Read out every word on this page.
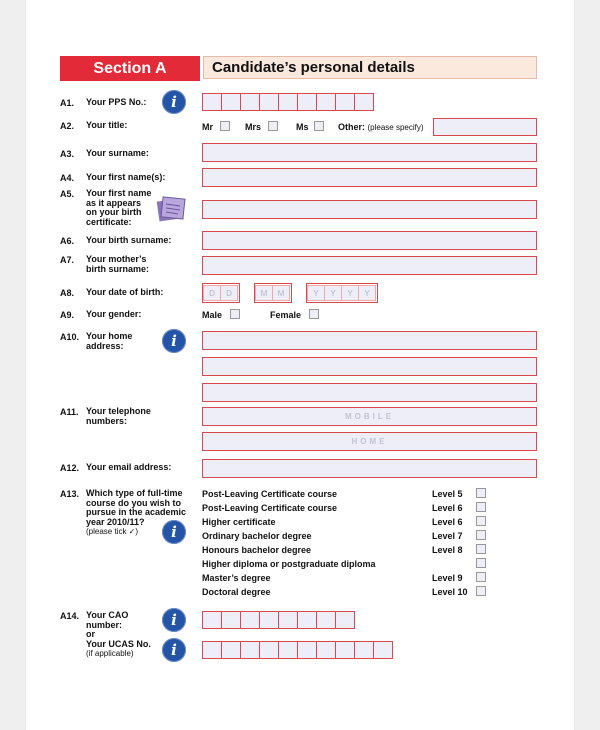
Section A	Candidate’s personal details
A1. Your PPS No.: i
A2. Your title:	Mr	Mrs	Ms	Other: (please specify)
A3. Your surname:
A4. Your first name(s):
A5. Your first name
as it appears
on your birth
certificate:
A6. Your birth surname:
A7. Your mother’s
birth surname:
A8. Your date of birth:	D	D	M	M	Y	Y	Y	Y
A9. Your gender:	Male	Female
A10. Your home
address:	i
A11. Your telephone
numbers:	MOBILE
HOME
A12. Your email address:
A13. Which type of full-time
course do you wish to
pursue in the academic
year 2010/11?
(please tick ✓)	i
Post-Leaving Certificate course	Level 5
Post-Leaving Certificate course	Level 6
Higher certificate	Level 6
Ordinary bachelor degree	Level 7
Honours bachelor degree	Level 8
Higher diploma or postgraduate diploma
Master’s degree	Level 9
Doctoral degree	Level 10
A14. Your CAO
number:
or
Your UCAS No.
(if applicable)
i
i
